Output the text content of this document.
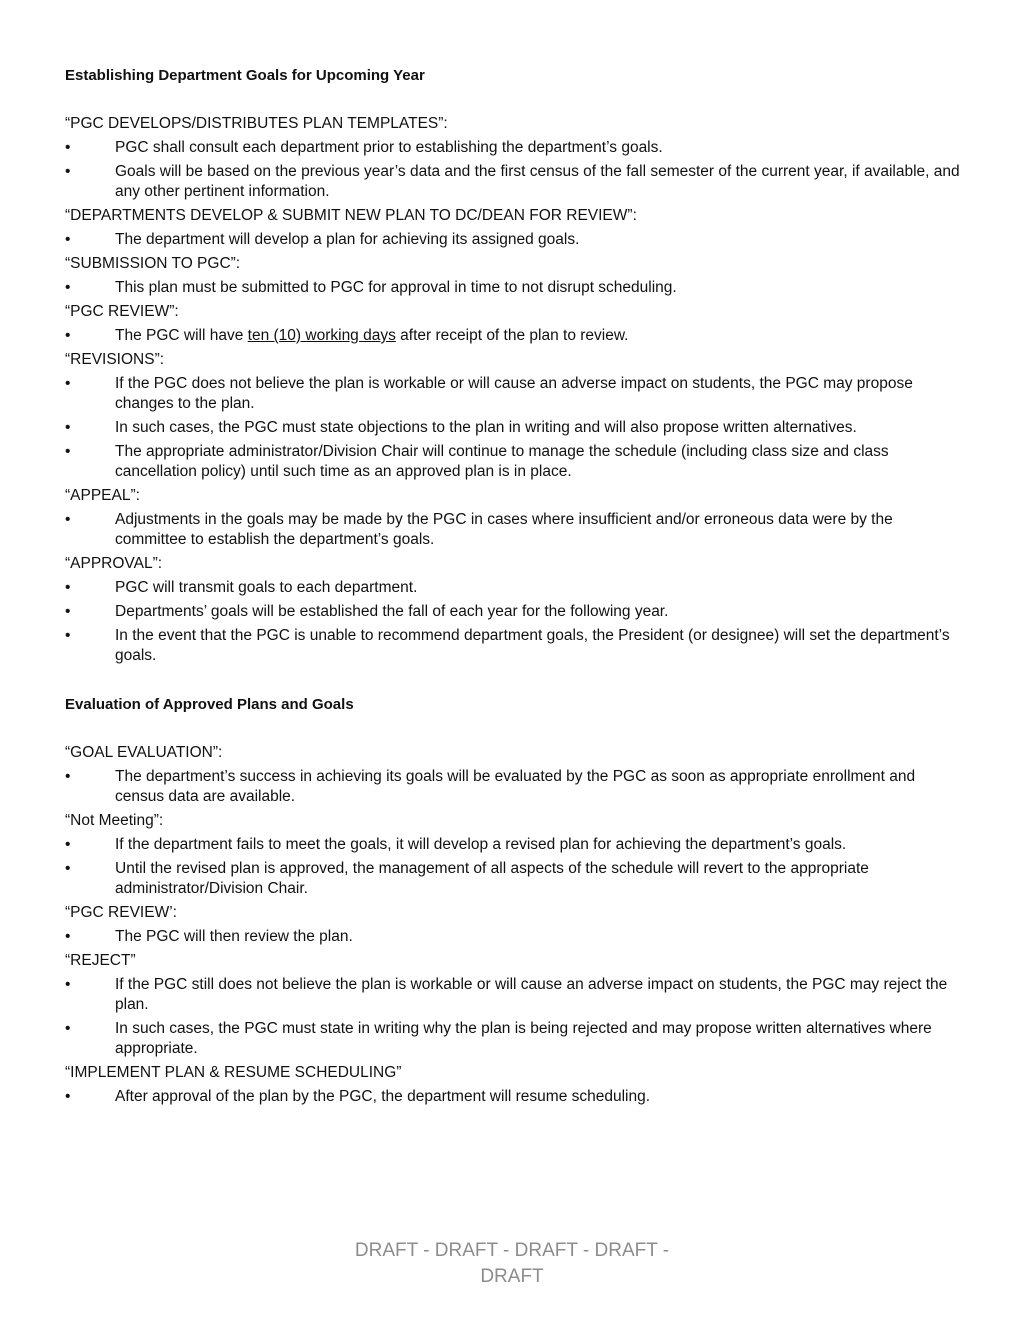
Establishing Department Goals for Upcoming Year

“PGC DEVELOPS/DISTRIBUTES PLAN TEMPLATES”:

•	PGC shall consult each department prior to establishing the department’s goals.
•	Goals will be based on the previous year’s data and the first census of the fall semester of the current year, if available, and any other pertinent information.

“DEPARTMENTS DEVELOP & SUBMIT NEW PLAN TO DC/DEAN FOR REVIEW”:

•	The department will develop a plan for achieving its assigned goals.

“SUBMISSION TO PGC”:

•	This plan must be submitted to PGC for approval in time to not disrupt scheduling.

“PGC REVIEW”:

•	The PGC will have ten (10) working days after receipt of the plan to review.

“REVISIONS”:

•	If the PGC does not believe the plan is workable or will cause an adverse impact on students, the PGC may propose changes to the plan.
•	In such cases, the PGC must state objections to the plan in writing and will also propose written alternatives.
•	The appropriate administrator/Division Chair will continue to manage the schedule (including class size and class cancellation policy) until such time as an approved plan is in place.

“APPEAL”:

•	Adjustments in the goals may be made by the PGC in cases where insufficient and/or erroneous data were by the committee to establish the department’s goals.

“APPROVAL”:

•	PGC will transmit goals to each department.
•	Departments’ goals will be established the fall of each year for the following year.
•	In the event that the PGC is unable to recommend department goals, the President (or designee) will set the department’s goals.

Evaluation of Approved Plans and Goals

“GOAL EVALUATION”:

•	The department’s success in achieving its goals will be evaluated by the PGC as soon as appropriate enrollment and census data are available.

“Not Meeting”:

•	If the department fails to meet the goals, it will develop a revised plan for achieving the department’s goals.
•	Until the revised plan is approved, the management of all aspects of the schedule will revert to the appropriate administrator/Division Chair.

“PGC REVIEW’:

•	The PGC will then review the plan.

“REJECT”

•	If the PGC still does not believe the plan is workable or will cause an adverse impact on students, the PGC may reject the plan.
•	In such cases, the PGC must state in writing why the plan is being rejected and may propose written alternatives where appropriate.

“IMPLEMENT PLAN & RESUME SCHEDULING”

•	After approval of the plan by the PGC, the department will resume scheduling.
DRAFT - DRAFT - DRAFT - DRAFT -
DRAFT
